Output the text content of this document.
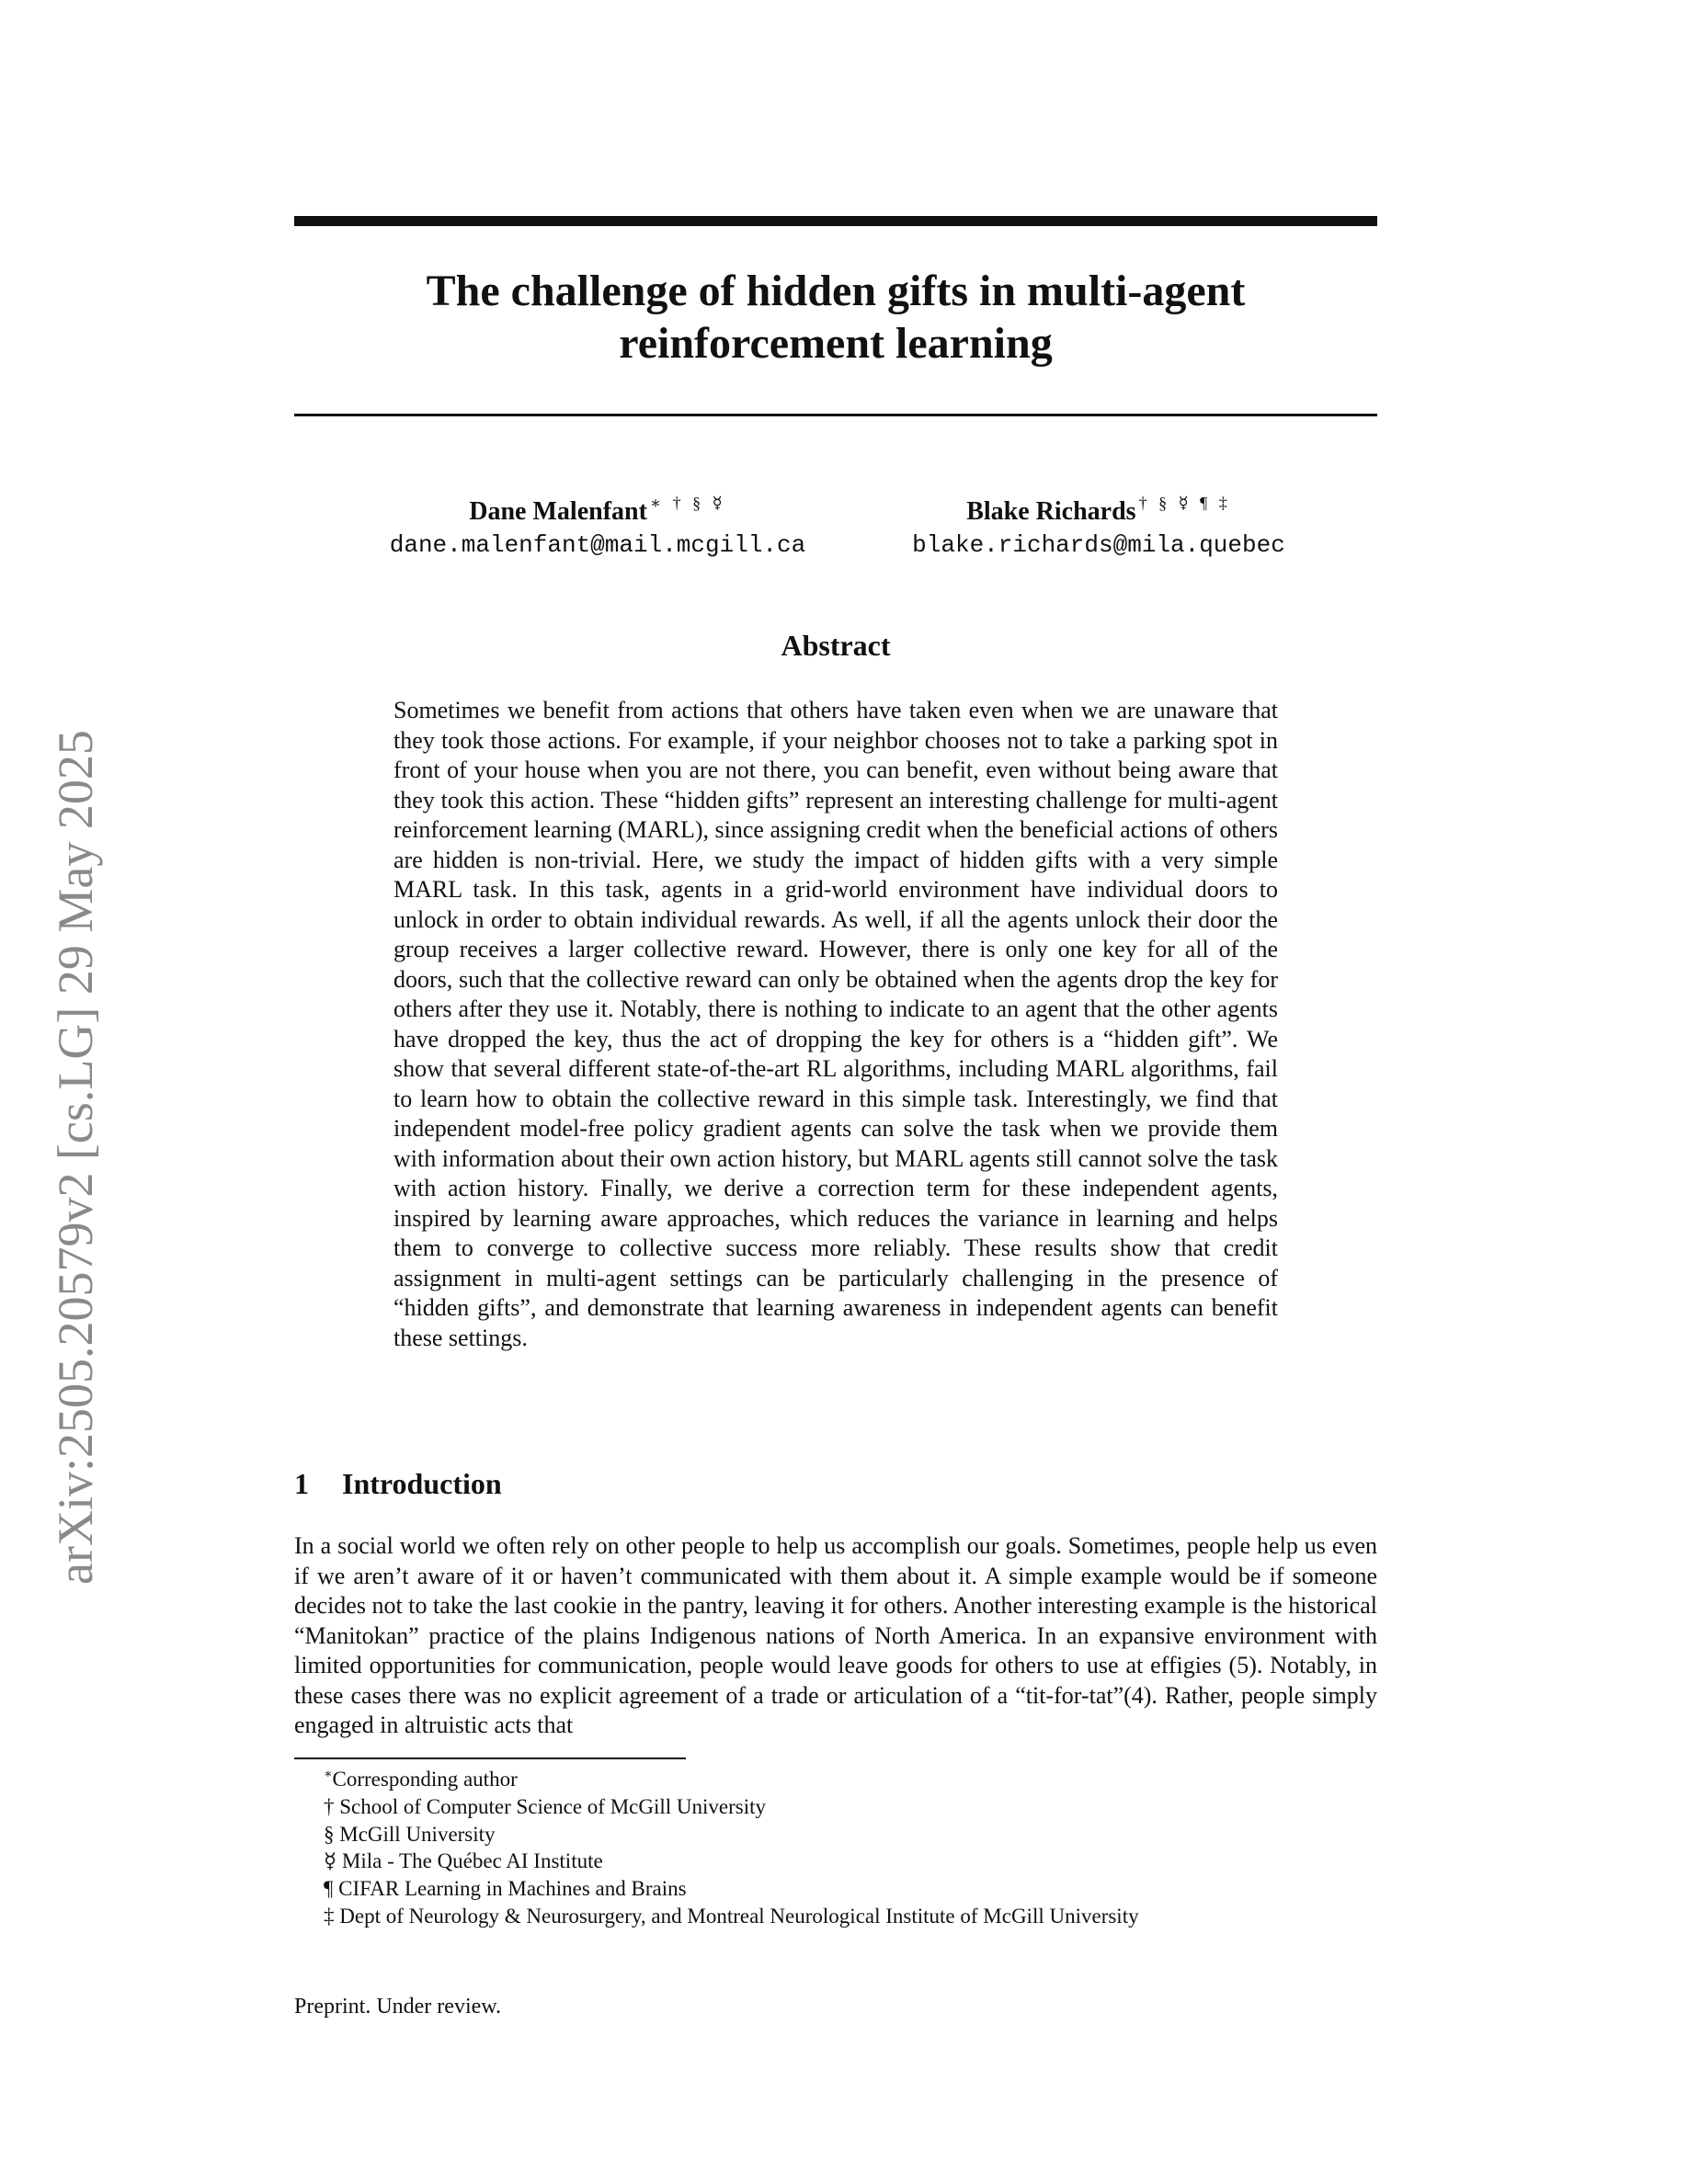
arXiv:2505.20579v2 [cs.LG] 29 May 2025
The challenge of hidden gifts in multi-agent
reinforcement learning
Dane Malenfant ∗ † § ☿
dane.malenfant@mail.mcgill.ca
Blake Richards † § ☿ ¶ ‡
blake.richards@mila.quebec
Abstract

Sometimes we benefit from actions that others have taken even when we are unaware that they took those actions. For example, if your neighbor chooses not to take a parking spot in front of your house when you are not there, you can benefit, even without being aware that they took this action. These “hidden gifts” represent an interesting challenge for multi-agent reinforcement learning (MARL), since assigning credit when the beneficial actions of others are hidden is non-trivial. Here, we study the impact of hidden gifts with a very simple MARL task. In this task, agents in a grid-world environment have individual doors to unlock in order to obtain individual rewards. As well, if all the agents unlock their door the group receives a larger collective reward. However, there is only one key for all of the doors, such that the collective reward can only be obtained when the agents drop the key for others after they use it. Notably, there is nothing to indicate to an agent that the other agents have dropped the key, thus the act of dropping the key for others is a “hidden gift”. We show that several different state-of-the-art RL algorithms, including MARL algorithms, fail to learn how to obtain the collective reward in this simple task. Interestingly, we find that independent model-free policy gradient agents can solve the task when we provide them with information about their own action history, but MARL agents still cannot solve the task with action history. Finally, we derive a correction term for these independent agents, inspired by learning aware approaches, which reduces the variance in learning and helps them to converge to collective success more reliably. These results show that credit assignment in multi-agent settings can be particularly challenging in the presence of “hidden gifts”, and demonstrate that learning awareness in independent agents can benefit these settings.

1 Introduction

In a social world we often rely on other people to help us accomplish our goals. Sometimes, people help us even if we aren’t aware of it or haven’t communicated with them about it. A simple example would be if someone decides not to take the last cookie in the pantry, leaving it for others. Another interesting example is the historical “Manitokan” practice of the plains Indigenous nations of North America. In an expansive environment with limited opportunities for communication, people would leave goods for others to use at effigies (5). Notably, in these cases there was no explicit agreement of a trade or articulation of a “tit-for-tat”(4). Rather, people simply engaged in altruistic acts that

∗Corresponding author
† School of Computer Science of McGill University
§ McGill University
☿ Mila - The Québec AI Institute
¶ CIFAR Learning in Machines and Brains
‡ Dept of Neurology & Neurosurgery, and Montreal Neurological Institute of McGill University
Preprint. Under review.
